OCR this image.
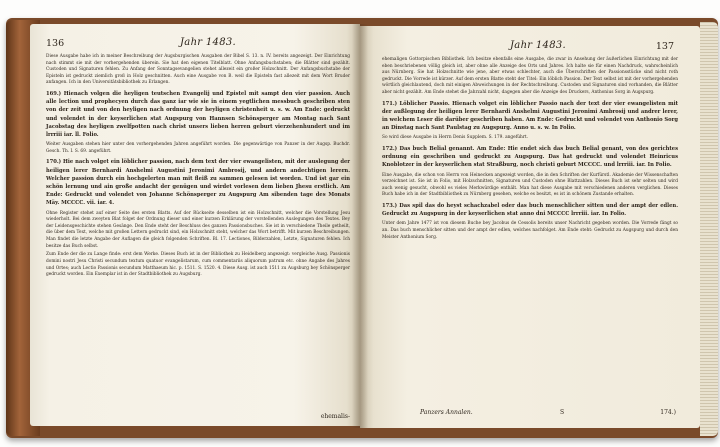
136	Jahr 1483.

Diese Ausgabe habe ich in meiner Beschreibung der Augsburgischen Ausgaben der Bibel S. 13. n. IV. bereits angezeigt. Der Einrichtung nach stimmt sie mit der vorhergehenden überein. Sie hat den eigenen Titelblatt. Ohne Anfangsbuchstaben; die Blätter sind gezählt. Custoden und Signaturen fehlen. Zu Anfang der Sonntagsevangelien stehet allezeit ein großer Holzschnitt. Der Anfangsbuchstabe der Episteln ist gedruckt ziemlich groß in Holz geschnitten. Auch eine Ausgabe von B. weil die Episteln fast allezeit mit dem Wort Bruder anfangen. Ich in den Universitätsbibliothek zu Erlangen.

169.) Hienach volgen die heyligen teutschen Evangelij und Epistel mit sampt den vier passion. Auch alle lection und prophecyen durch das ganz iar wie sie in einem yegtlichen messbuch geschriben sten von der zeit und von den heyligen nach ordnung der heyligen christenheit u. s. w. Am Ende: gedruckt und volendet in der keyserlichen stat Augspurg von Hannsen Schönsperger am Montag nach Sant Jacobstag des heyligen zwelfpotten nach christ unsers lieben herren geburt vierzehenhundert und im lrrriii iar. ll. Folio.

Weiter Ausgaben stehen hier unter den vorhergehenden Jahren angeführt worden. Die gegenwärtige von Panzer in der Augsp. Buchdr. Gesch. Th. I. S. 69. angeführt.

170.) Hie nach volget ein löblicher passion, nach dem text der vier ewangelisten, mit der auslegung der heiligen lerer Bernhardi Anshelmi Augustini Jeronimi Ambrosij, und andern andechtigen lerern. Welcher passion durch ein hochgelerten man mit fleiß zu sammen gelesen ist worden. Und ist gar ein schön lernung und ain große andacht der genügen und wirdet vorlesen dem lieben Jhesu erstlich. Am Ende: Gedruckt und volendet von Johanne Schönsperger zu Augspurg Am sibenden tage des Monats Mäy. MCCCC. vii. iar. 4.

Ohne Register stehet auf einer Seite des ersten Blatts. Auf der Rückseite desselben ist ein Holzschnitt, welcher die Vorstellung Jesu wiederholt. Bei dem zweyten Blat folget der Ordnung dieser und einer kurzen Erklärung der vorstellenden Auslegungen des Textes. Bey der Leidensgeschichte stehen Gesänge. Den Ende steht der Beschluss des ganzen Passionsbuches. Sie ist in verschiedene Theile getheilt, die über dem Text, welche mit großen Lettern gedruckt sind, ein Holzschnitt steht, welcher das Wort betrifft. Mit kurzen Beschreibungen. Man findet die letzte Angabe der Auflagen die gleich folgenden Schriften. Bl. 17. Lectiones, Bilderzahlen, Letzte, Signaturen fehlen. Ich besitze das Buch selbst.

Zum Ende der die zu Lange finde: erst dem Werke. Dieses Buch ist in der Bibliothek zu Heidelberg angezeigt: vergleiche Ausg. Passionis domini nostri Jesu Christi secundum textum quatuor evangelistarum, cum commentariis aliquorum patrum etc. ohne Angabe des Jahres und Ortes; auch Lectio Passionis secundum Matthaeum hic. p. 1511. S. 1520. 4. Diese Ausg. ist auch 1511 zu Augsburg bey Schönsperger gedruckt worden. Ein Exemplar ist in der Stadtbibliothek zu Augsburg.

ehemalis-
Jahr 1483.	137

ehemaligen Gottorpischen Bibliothek. Ich besitze ebenfalls eine Ausgabe, die zwar in Ansehung der äußerlichen Einrichtung mit der eben beschriebenen völlig gleich ist, aber ohne alle Anzeige des Orts und Jahres. Ich halte sie für einen Nachdruck, wahrscheinlich aus Nürnberg. Sie hat Holzschnitte wie jene, aber etwas schlechter, auch die Überschriften der Passionsstücke sind nicht roth gedruckt. Die Vorrede ist kürzer. Auf dem ersten Blatte steht der Titel: Ein löblich Passion. Der Text selbst ist mit der vorhergehenden wörtlich gleichlautend, doch mit einigen Abweichungen in der Rechtschreibung. Custoden und Signaturen sind vorhanden, die Blätter aber nicht gezählt. Am Ende stehet die Jahrzahl nicht, dagegen aber die Anzeige des Druckers, Anthonius Sorg in Augspurg.

171.) Löblicher Passio. Hienach volget ein löblicher Passio nach der text der vier ewangelisten mit der außlegung der heiligen lerer Bernhardi Anshelmi Augustini Jeronimi Ambrosij und andrer lerer, in welchem Leser die darüber geschriben haben. Am Ende: Gedruckt und volendet von Anthonio Sorg an Dinstag nach Sant Paulstag zu Augspurg. Anno u. s. w. In Folio.

So wird diese Ausgabe in Herrn Denis Supplem. S. 179. angeführt.

172.) Das buch Belial genannt. Am Ende: Hie endet sich das buch Belial genant, von des gerichtes ordnung ein geschriben und gedruckt zu Augspurg. Das hat gedruckt und volendet Heinricus Knoblotzer in der keyserlichen stat Straßburg, noch christi geburt MCCCC. und lrrriii. iar. In Folio.

Eine Ausgabe, die schon von Herrn von Heinecken angezeigt worden, die in den Schriften der Kurfürstl. Akademie der Wissenschaften verzeichnet ist. Sie ist in Folio, mit Holzschnitten, Signaturen und Custoden ohne Blattzahlen. Dieses Buch ist sehr selten und wird auch wenig gesucht, obwohl es vieles Merkwürdige enthält. Man hat diese Ausgabe mit verschiedenen anderen verglichen. Dieses Buch habe ich in der Stadtbibliothek zu Nürnberg gesehen, welche es besitzt, es ist in schönem Zustande erhalten.

173.) Das spil das do heyst schachzabel oder das buch menschlicher sitten und der ampt der edlen. Gedruckt zu Augspurg in der keyserlichen stat anno dni MCCCC lrrriii. iar. In Folio.

Unter dem Jahre 1477 ist von diesem Buche bey Jacobus de Cessolis bereits unser Nachricht gegeben worden. Die Vorrede fängt so an. Das buch menschlicher sitten und der ampt der edlen, welches nachfolget. Am Ende steht: Gedruckt zu Augspurg und durch den Meister Anthonium Sorg.

Panzers Annalen.	S	174.)
